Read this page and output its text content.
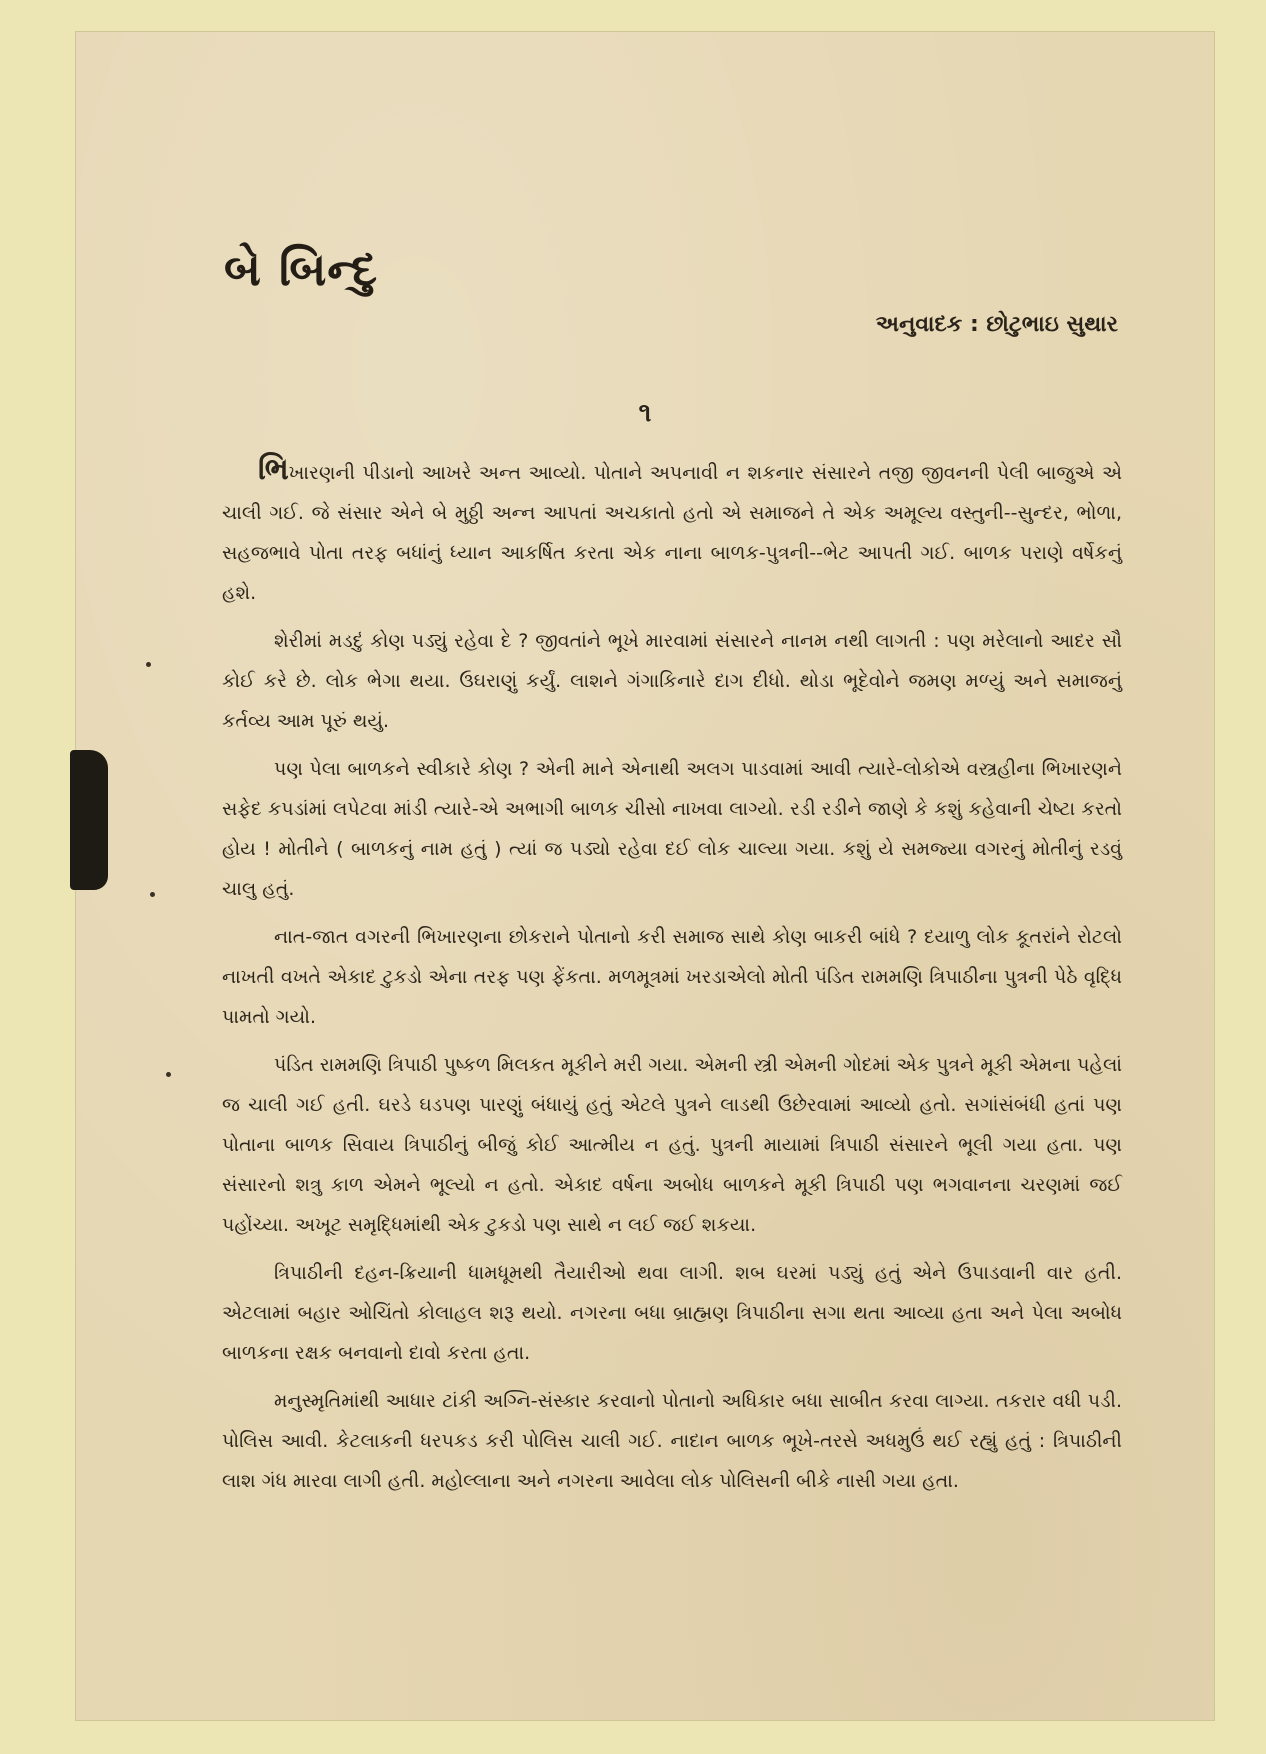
બે બિન્દુ
અનુવાદક : છોટુભાઇ સુથાર
૧

ભિખારણની પીડાનો આખરે અન્ત આવ્યો. પોતાને અપનાવી ન શકનાર સંસારને તજી જીવનની પેલી બાજુએ એ ચાલી ગઈ. જે સંસાર એને બે મુઠ્ઠી અન્ન આપતાં અચકાતો હતો એ સમાજને તે એક અમૂલ્ય વસ્તુની--સુન્દર, ભોળા, સહજભાવે પોતા તરફ બધાંનું ધ્યાન આકર્ષિત કરતા એક નાના બાળક-પુત્રની--ભેટ આપતી ગઈ. બાળક પરાણે વર્ષેકનું હશે.

શેરીમાં મડદું કોણ પડ્યું રહેવા દે ? જીવતાંને ભૂખે મારવામાં સંસારને નાનમ નથી લાગતી : પણ મરેલાનો આદર સૌ કોઈ કરે છે. લોક ભેગા થયા. ઉઘરાણું કર્યું. લાશને ગંગાકિનારે દાગ દીધો. થોડા ભૂદેવોને જમણ મળ્યું અને સમાજનું કર્તવ્ય આમ પૂરું થયું.

પણ પેલા બાળકને સ્વીકારે કોણ ? એની માને એનાથી અલગ પાડવામાં આવી ત્યારે-લોકોએ વસ્ત્રહીના ભિખારણને સફેદ કપડાંમાં લપેટવા માંડી ત્યારે-એ અભાગી બાળક ચીસો નાખવા લાગ્યો. રડી રડીને જાણે કે કશું કહેવાની ચેષ્ટા કરતો હોય ! મોતીને ( બાળકનું નામ હતું ) ત્યાં જ પડ્યો રહેવા દઈ લોક ચાલ્યા ગયા. કશું યે સમજ્યા વગરનું મોતીનું રડવું ચાલુ હતું.

નાત-જાત વગરની ભિખારણના છોકરાને પોતાનો કરી સમાજ સાથે કોણ બાકરી બાંધે ? દયાળુ લોક કૂતરાંને રોટલો નાખતી વખતે એકાદ ટુકડો એના તરફ પણ ફેંકતા. મળમૂત્રમાં ખરડાએલો મોતી પંડિત રામમણિ ત્રિપાઠીના પુત્રની પેઠે વૃદ્ધિ પામતો ગયો.

પંડિત રામમણિ ત્રિપાઠી પુષ્કળ મિલકત મૂકીને મરી ગયા. એમની સ્ત્રી એમની ગોદમાં એક પુત્રને મૂકી એમના પહેલાં જ ચાલી ગઈ હતી. ઘરડે ઘડપણ પારણું બંધાયું હતું એટલે પુત્રને લાડથી ઉછેરવામાં આવ્યો હતો. સગાંસંબંધી હતાં પણ પોતાના બાળક સિવાય ત્રિપાઠીનું બીજું કોઈ આત્મીય ન હતું. પુત્રની માયામાં ત્રિપાઠી સંસારને ભૂલી ગયા હતા. પણ સંસારનો શત્રુ કાળ એમને ભૂલ્યો ન હતો. એકાદ વર્ષના અબોધ બાળકને મૂકી ત્રિપાઠી પણ ભગવાનના ચરણમાં જઈ પહોંચ્યા. અખૂટ સમૃદ્ધિમાંથી એક ટુકડો પણ સાથે ન લઈ જઈ શકયા.

ત્રિપાઠીની દહન-ક્રિયાની ધામધૂમથી તૈયારીઓ થવા લાગી. શબ ઘરમાં પડ્યું હતું એને ઉપાડવાની વાર હતી. એટલામાં બહાર ઓચિંતો કોલાહલ શરૂ થયો. નગરના બધા બ્રાહ્મણ ત્રિપાઠીના સગા થતા આવ્યા હતા અને પેલા અબોધ બાળકના રક્ષક બનવાનો દાવો કરતા હતા.

મનુસ્મૃતિમાંથી આધાર ટાંકી અગ્નિ-સંસ્કાર કરવાનો પોતાનો અધિકાર બધા સાબીત કરવા લાગ્યા. તકરાર વધી પડી. પોલિસ આવી. કેટલાકની ધરપકડ કરી પોલિસ ચાલી ગઈ. નાદાન બાળક ભૂખે-તરસે અધમુઉં થઈ રહ્યું હતું : ત્રિપાઠીની લાશ ગંધ મારવા લાગી હતી. મહોલ્લાના અને નગરના આવેલા લોક પોલિસની બીકે નાસી ગયા હતા.
